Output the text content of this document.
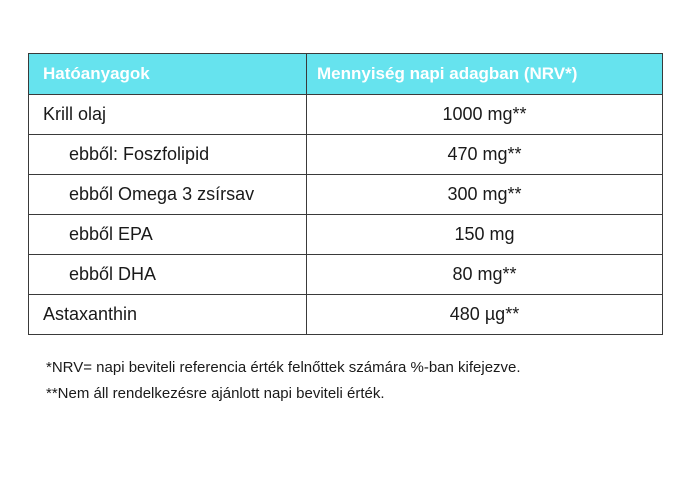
Hatóanyagok	Mennyiség napi adagban (NRV*)
Krill olaj	1000 mg**
ebből: Foszfolipid	470 mg**
ebből Omega 3 zsírsav	300 mg**
ebből EPA	150 mg
ebből DHA	80 mg**
Astaxanthin	480 µg**
*NRV= napi beviteli referencia érték felnőttek számára %-ban kifejezve.
**Nem áll rendelkezésre ajánlott napi beviteli érték.
